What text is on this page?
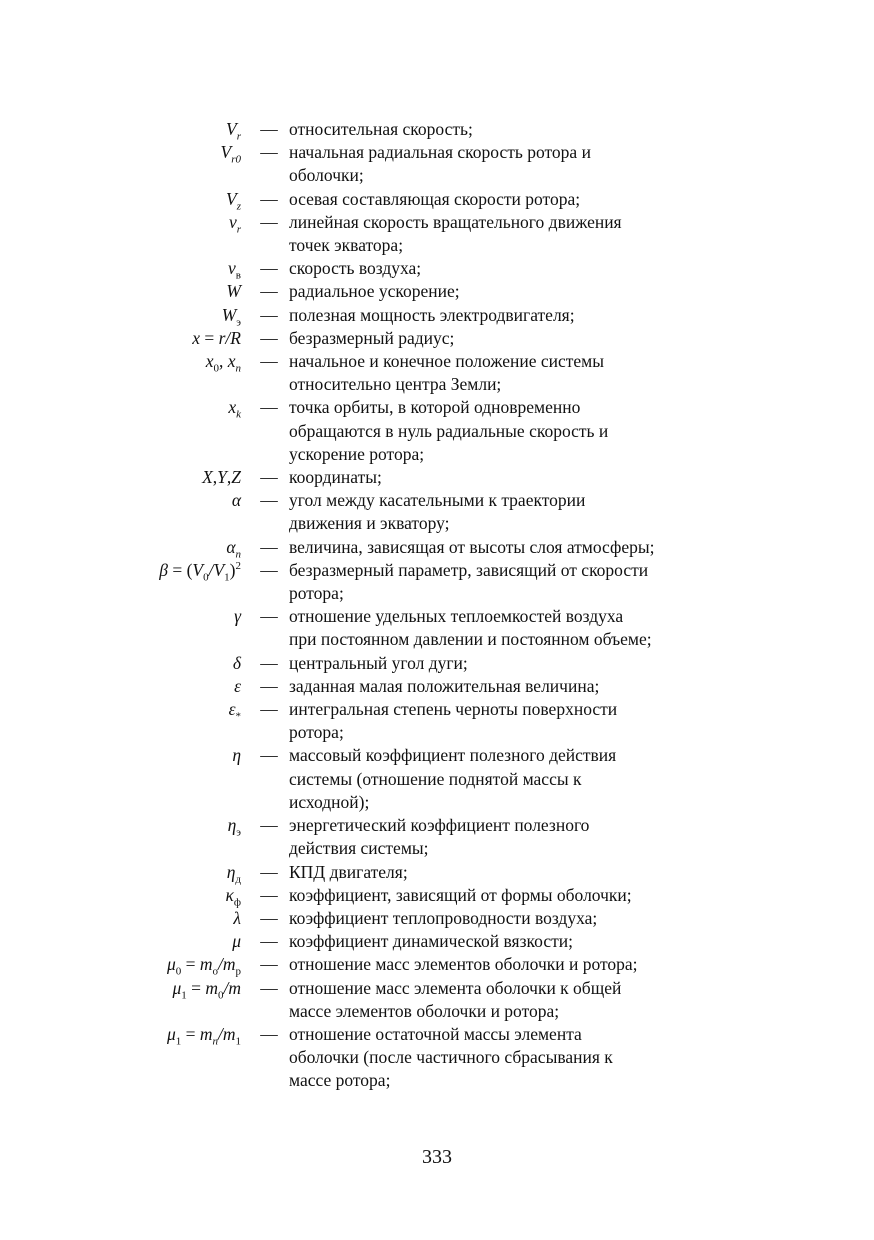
$V_r$	— относительная скорость;
$V_{r0}$	— начальная радиальная скорость ротора и
оболочки;
$V_z$	— осевая составляющая скорости ротора;
$v_r$	— линейная скорость вращательного движения
точек экватора;
$v_в$	— скорость воздуха;
W	— радиальное ускорение;
$W_э$	— полезная мощность электродвигателя;
x = r/R	— безразмерный радиус;
$x_0$, $x_n$	— начальное и конечное положение системы
относительно центра Земли;
$x_k$	— точка орбиты, в которой одновременно
обращаются в нуль радиальные скорость и
ускорение ротора;
X,Y,Z	— координаты;
α	— угол между касательными к траектории
движения и экватору;
$\alpha_n$	— величина, зависящая от высоты слоя атмосферы;
$\beta = (V_0/V_1)^2$	— безразмерный параметр, зависящий от скорости
ротора;
γ	— отношение удельных теплоемкостей воздуха
при постоянном давлении и постоянном объеме;
δ	— центральный угол дуги;
ε	— заданная малая положительная величина;
$\varepsilon_*$	— интегральная степень черноты поверхности
ротора;
η	— массовый коэффициент полезного действия
системы (отношение поднятой массы к
исходной);
$\eta_э$	— энергетический коэффициент полезного
действия системы;
$\eta_д$	— КПД двигателя;
$\kappa_ф$	— коэффициент, зависящий от формы оболочки;
λ	— коэффициент теплопроводности воздуха;
μ	— коэффициент динамической вязкости;
$\mu_0 = m_o/m_p$	— отношение масс элементов оболочки и ротора;
$\mu_1 = m_0/m$	— отношение масс элемента оболочки к общей
массе элементов оболочки и ротора;
$\mu_1 = m_n/m_1$	— отношение остаточной массы элемента
оболочки (после частичного сбрасывания к
массе ротора;
333
